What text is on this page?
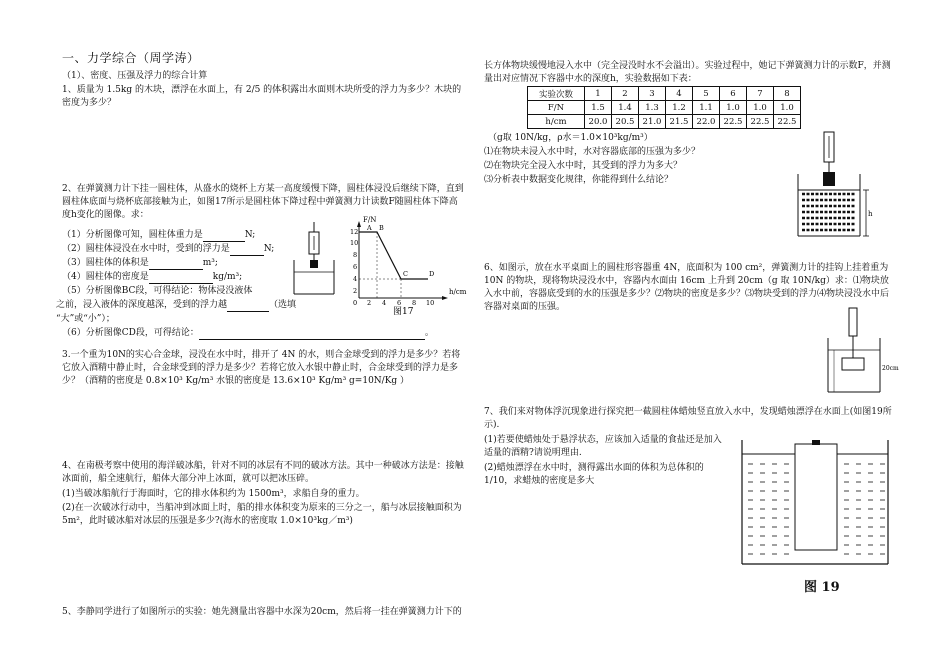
一、力学综合（周学涛）
（1）、密度、压强及浮力的综合计算
1、质量为 1.5kg 的木块，漂浮在水面上，有 2/5 的体积露出水面则木块所受的浮力为多少？木块的密度为多少？
2、在弹簧测力计下挂一圆柱体，从盛水的烧杯上方某一高度缓慢下降，圆柱体浸没后继续下降，直到圆柱体底面与烧杯底部接触为止，如图17所示是圆柱体下降过程中弹簧测力计读数F随圆柱体下降高度h变化的图像。求：
（1）分析图像可知，圆柱体重力是	N;
（2）圆柱体浸没在水中时，受到的浮力是	N;
（3）圆柱体的体积是	m³;
（4）圆柱体的密度是	kg/m³;
（5）分析图像BC段，可得结论：物体浸没液体
之前，浸入液体的深度越深，受到的浮力越	（选填
“大”或“小”）；
（6）分析图像CD段，可得结论：	。
F/N
h/cm
12
10
8
6
4
2
0 2 4 6 8 10
A B
C	D
图17
3.一个重为10N的实心合金球，浸没在水中时，排开了 4N 的水，则合金球受到的浮力是多少？若将它放入酒精中静止时，合金球受到的浮力是多少？若将它放入水银中静止时，合金球受到的浮力是多少？（酒精的密度是 0.8×10³ Kg/m³ 水银的密度是 13.6×10³ Kg/m³ g=10N/Kg ）
4、在南极考察中使用的海洋破冰船，针对不同的冰层有不同的破冰方法。其中一种破冰方法是：接触冰面前，船全速航行，船体大部分冲上冰面，就可以把冰压碎。
(1)当破冰船航行于海面时，它的排水体积约为 1500m³，求船自身的重力。
(2)在一次破冰行动中，当船冲到冰面上时，船的排水体积变为原来的三分之一，船与冰层接触面积为 5m²，此时破冰船对冰层的压强是多少?(海水的密度取 1.0×10³kg／m³)
5、李静同学进行了如图所示的实验：她先测量出容器中水深为20cm，然后将一挂在弹簧测力计下的
长方体物块缓慢地浸入水中（完全浸没时水不会溢出）。实验过程中，她记下弹簧测力计的示数F，并测量出对应情况下容器中水的深度h，实验数据如下表：
实验次数	1	2	3	4	5	6	7	8
F/N	1.5	1.4	1.3	1.2	1.1	1.0	1.0	1.0
h/cm	20.0	20.5	21.0	21.5	22.0	22.5	22.5	22.5
（g取 10N/kg，ρ水＝1.0×10³kg/m³）
⑴在物块未浸入水中时，水对容器底部的压强为多少？
⑵在物块完全浸入水中时，其受到的浮力为多大？
⑶分析表中数据变化规律，你能得到什么结论？
h
6、如图示，放在水平桌面上的圆柱形容器重 4N，底面积为 100 cm²，弹簧测力计的挂钩上挂着重为 10N 的物块，现将物块浸没水中，容器内水面由 16cm 上升到 20cm（g 取 10N/kg）求：⑴物块放入水中前，容器底受到的水的压强是多少？⑵物块的密度是多少？⑶物块受到的浮力⑷物块浸没水中后容器对桌面的压强。
20cm
7、我们来对物体浮沉现象进行探究把一截圆柱体蜡烛竖直放入水中，发现蜡烛漂浮在水面上(如图19所示).
(1)若要使蜡烛处于悬浮状态，应该加入适量的食盐还是加入适量的酒精?请说明理由.
(2)蜡烛漂浮在水中时，测得露出水面的体积为总体积的 1/10，求蜡烛的密度是多大
图 19
